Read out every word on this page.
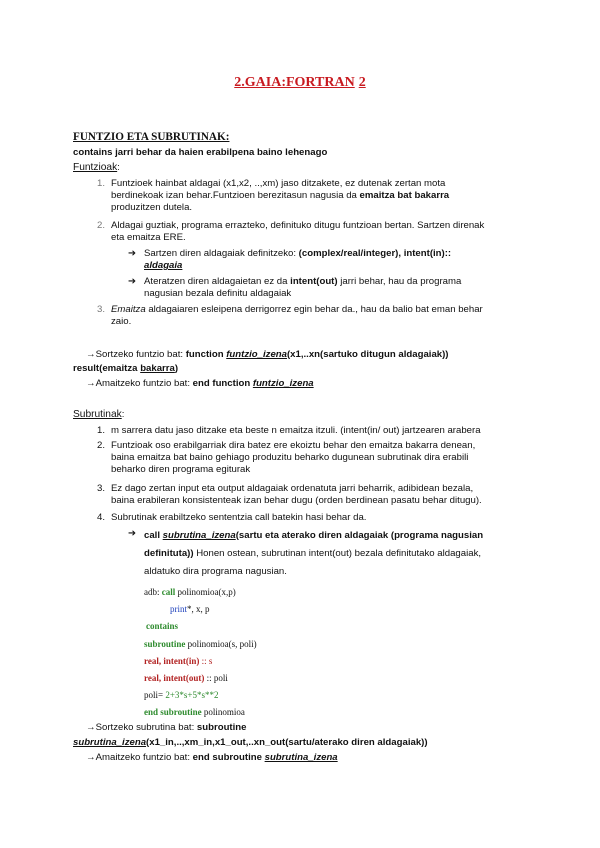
2.GAIA:FORTRAN 2
FUNTZIO ETA SUBRUTINAK:
contains jarri behar da haien erabilpena baino lehenago
Funtzioak:
1. Funtzioek hainbat aldagai (x1,x2, ..,xm) jaso ditzakete, ez dutenak zertan mota
berdinekoak izan behar.Funtzioen berezitasun nagusia da emaitza bat bakarra
produzitzen dutela.
2. Aldagai guztiak, programa errazteko, definituko ditugu funtzioan bertan. Sartzen direnak
eta emaitza ERE.
➔ Sartzen diren aldagaiak definitzeko: (complex/real/integer), intent(in)::
aldagaia
➔ Ateratzen diren aldagaietan ez da intent(out) jarri behar, hau da programa
nagusian bezala definitu aldagaiak
3. Emaitza aldagaiaren esleipena derrigorrez egin behar da., hau da balio bat eman behar
zaio.
→Sortzeko funtzio bat: function funtzio_izena(x1,..xn(sartuko ditugun aldagaiak))
result(emaitza bakarra)
→Amaitzeko funtzio bat: end function funtzio_izena
Subrutinak:
1. m sarrera datu jaso ditzake eta beste n emaitza itzuli. (intent(in/ out) jartzearen arabera
2. Funtzioak oso erabilgarriak dira batez ere ekoiztu behar den emaitza bakarra denean,
baina emaitza bat baino gehiago produzitu beharko dugunean subrutinak dira erabili
beharko diren programa egiturak
3. Ez dago zertan input eta output aldagaiak ordenatuta jarri beharrik, adibidean bezala,
baina erabileran konsistenteak izan behar dugu (orden berdinean pasatu behar ditugu).
4. Subrutinak erabiltzeko sententzia call batekin hasi behar da.
➔ call subrutina_izena(sartu eta aterako diren aldagaiak (programa nagusian
definituta)) Honen ostean, subrutinan intent(out) bezala definitutako aldagaiak,
aldatuko dira programa nagusian.
adb: call polinomioa(x,p)
print*, x, p
contains
subroutine polinomioa(s, poli)
real, intent(in) :: s
real, intent(out) :: poli
poli= 2+3*s+5*s**2
end subroutine polinomioa
→Sortzeko subrutina bat: subroutine
subrutina_izena(x1_in,..,xm_in,x1_out,..xn_out(sartu/aterako diren aldagaiak))
→Amaitzeko funtzio bat: end subroutine subrutina_izena
